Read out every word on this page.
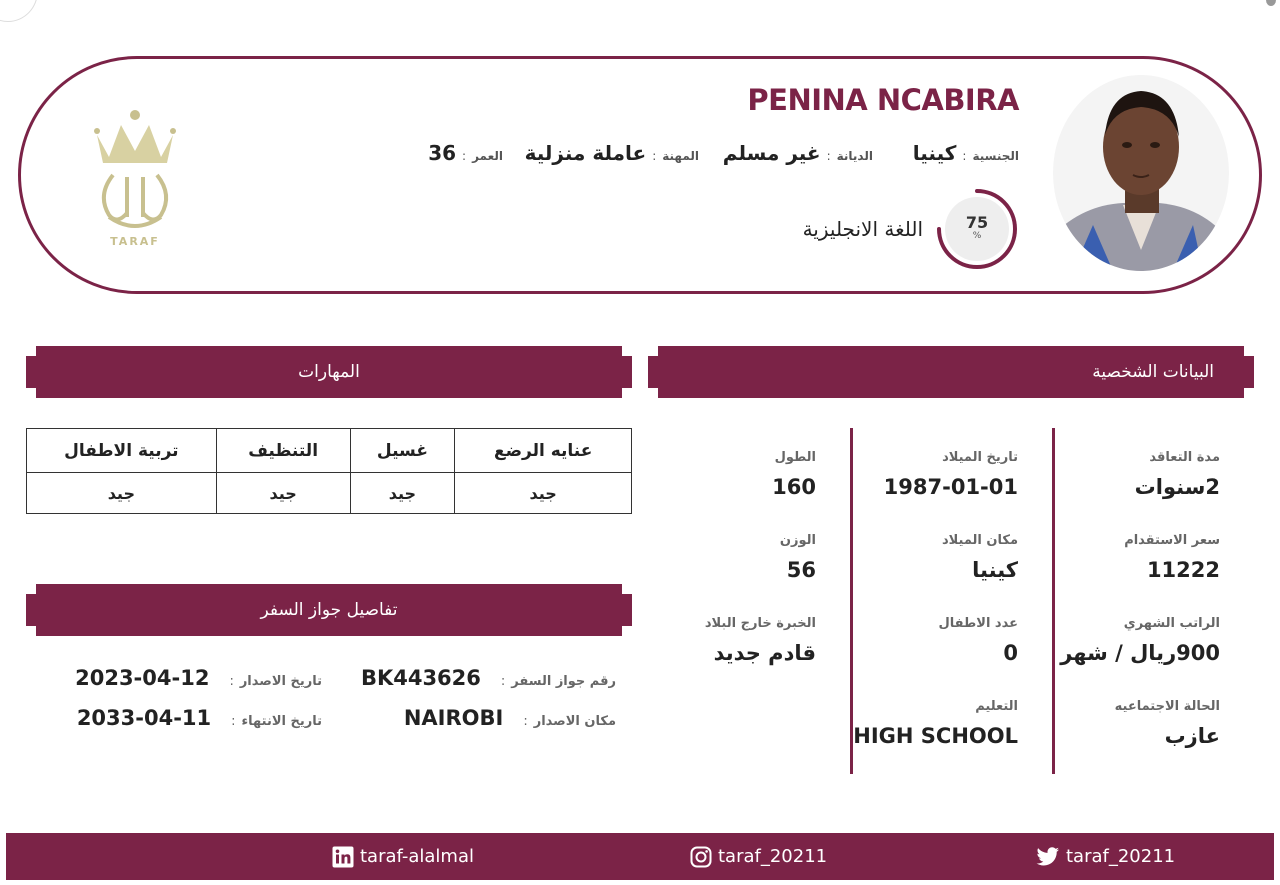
PENINA NCABIRA
الجنسية
:
كينيا
الديانة
:
غير مسلم
المهنة
:
عاملة منزلية
العمر
:
36
75
%
اللغة الانجليزية
TARAF
البيانات الشخصية
المهارات
مدة التعاقد
2سنوات
تاريخ الميلاد
1987-01-01
الطول
160
سعر الاستقدام
11222
مكان الميلاد
كينيا
الوزن
56
الراتب الشهري
900ريال / شهر
عدد الاطفال
0
الخبرة خارج البلاد
قادم جديد
الحالة الاجتماعيه
عازب
التعليم
HIGH SCHOOL
عنايه الرضع	غسيل	التنظيف	تربية الاطفال
جيد	جيد	جيد	جيد
تفاصيل جواز السفر
رقم جواز السفر
:
BK443626
تاريخ الاصدار
:
2023-04-12
مكان الاصدار
:
NAIROBI
تاريخ الانتهاء
:
2033-04-11
taraf_20211
taraf_20211
taraf-alalmal
